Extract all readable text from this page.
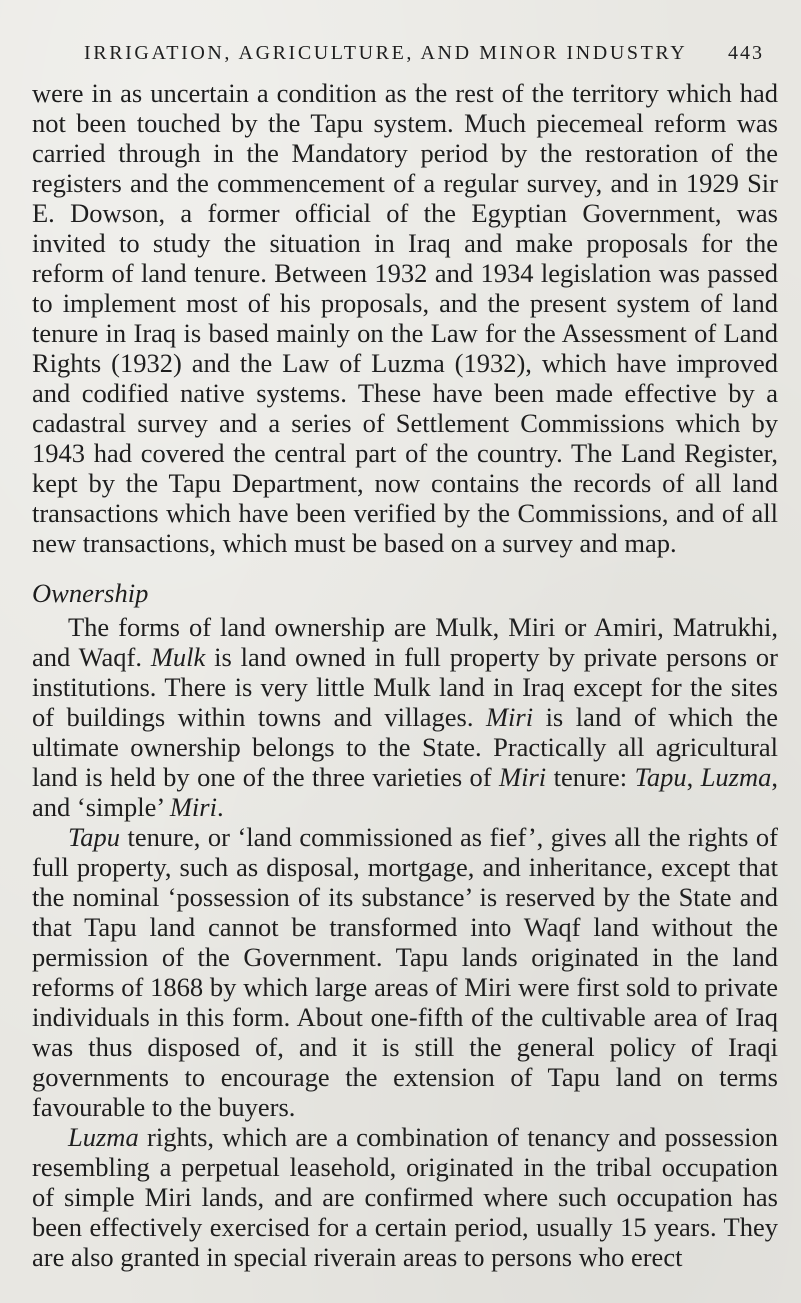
IRRIGATION, AGRICULTURE, AND MINOR INDUSTRY 443

were in as uncertain a condition as the rest of the territory which had not been touched by the Tapu system. Much piecemeal reform was carried through in the Mandatory period by the restoration of the registers and the commencement of a regular survey, and in 1929 Sir E. Dowson, a former official of the Egyptian Government, was invited to study the situation in Iraq and make proposals for the reform of land tenure. Between 1932 and 1934 legislation was passed to implement most of his proposals, and the present system of land tenure in Iraq is based mainly on the Law for the Assessment of Land Rights (1932) and the Law of Luzma (1932), which have improved and codified native systems. These have been made effective by a cadastral survey and a series of Settlement Commissions which by 1943 had covered the central part of the country. The Land Register, kept by the Tapu Department, now contains the records of all land transactions which have been verified by the Commissions, and of all new transactions, which must be based on a survey and map.

Ownership

The forms of land ownership are Mulk, Miri or Amiri, Matrukhi, and Waqf. Mulk is land owned in full property by private persons or institutions. There is very little Mulk land in Iraq except for the sites of buildings within towns and villages. Miri is land of which the ultimate ownership belongs to the State. Practically all agricultural land is held by one of the three varieties of Miri tenure: Tapu, Luzma, and ‘simple’ Miri.

Tapu tenure, or ‘land commissioned as fief’, gives all the rights of full property, such as disposal, mortgage, and inheritance, except that the nominal ‘possession of its substance’ is reserved by the State and that Tapu land cannot be transformed into Waqf land without the permission of the Government. Tapu lands originated in the land reforms of 1868 by which large areas of Miri were first sold to private individuals in this form. About one-fifth of the cultivable area of Iraq was thus disposed of, and it is still the general policy of Iraqi governments to encourage the extension of Tapu land on terms favourable to the buyers.

Luzma rights, which are a combination of tenancy and possession resembling a perpetual leasehold, originated in the tribal occupation of simple Miri lands, and are confirmed where such occupation has been effectively exercised for a certain period, usually 15 years. They are also granted in special riverain areas to persons who erect
